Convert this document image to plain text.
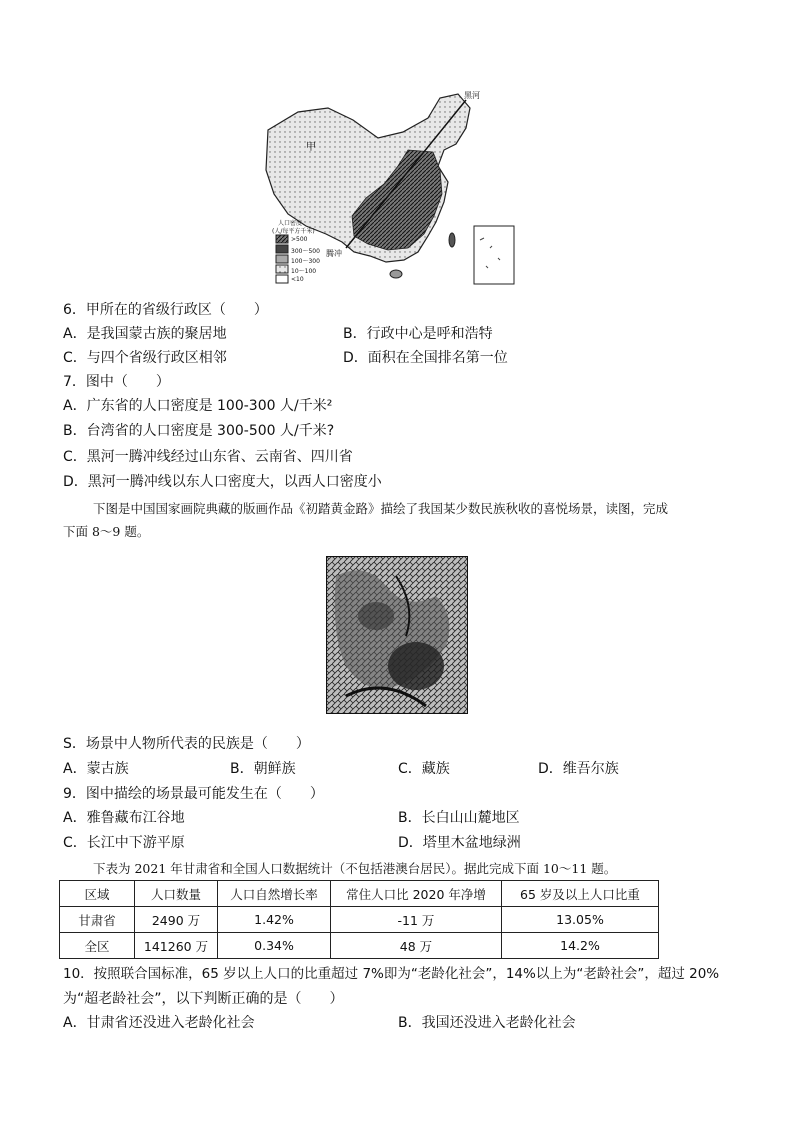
甲
黑河
腾冲
人口密度
(人/每平方千米)
>500
300～500
100～300
10～100
<10
6．甲所在的省级行政区（　　）
A．是我国蒙古族的聚居地	B．行政中心是呼和浩特
C．与四个省级行政区相邻	D．面积在全国排名第一位
7．图中（　　）
A．广东省的人口密度是 100-300 人/千米²
B．台湾省的人口密度是 300-500 人/千米?
C．黑河一腾冲线经过山东省、云南省、四川省
D．黑河一腾冲线以东人口密度大，以西人口密度小
下图是中国国家画院典藏的版画作品《初踏黄金路》描绘了我国某少数民族秋收的喜悦场景，读图，完成
下面 8～9 题。
S．场景中人物所代表的民族是（　　）
A．蒙古族	B．朝鲜族	C．藏族	D．维吾尔族
9．图中描绘的场景最可能发生在（　　）
A．雅鲁藏布江谷地	B．长白山山麓地区
C．长江中下游平原	D．塔里木盆地绿洲
下表为 2021 年甘肃省和全国人口数据统计（不包括港澳台居民）。据此完成下面 10～11 题。
区域	人口数量	人口自然增长率	常住人口比 2020 年净增	65 岁及以上人口比重
甘肃省	2490 万	1.42%	-11 万	13.05%
全区	141260 万	0.34%	48 万	14.2%
10．按照联合国标准，65 岁以上人口的比重超过 7%即为“老龄化社会”，14%以上为“老龄社会”，超过 20%
为“超老龄社会”，以下判断正确的是（　　）
A．甘肃省还没进入老龄化社会	B．我国还没进入老龄化社会
